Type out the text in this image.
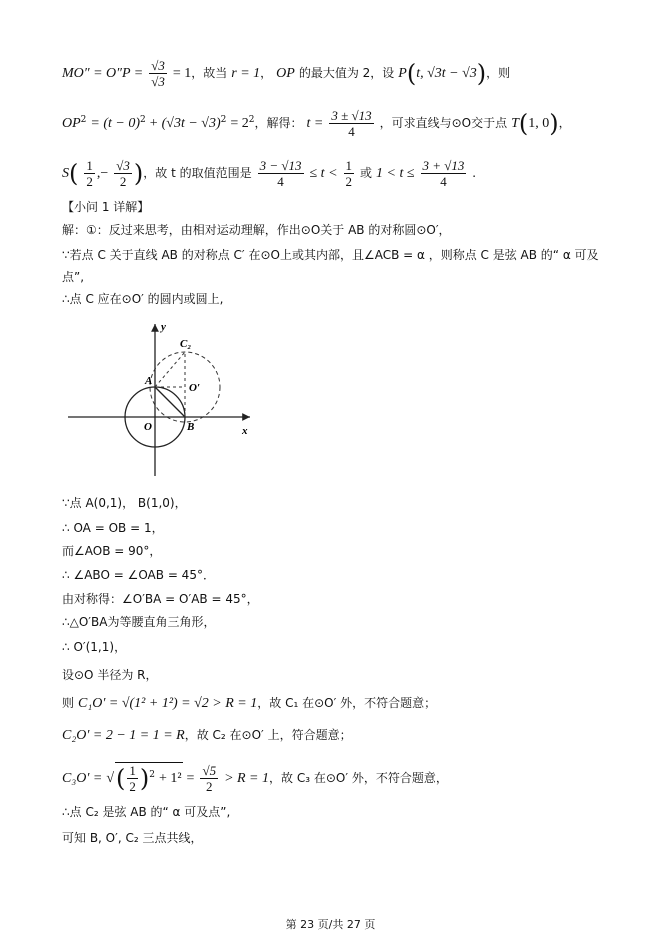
$MO'' = O''P = \frac{√3}{√3} = 1$，故当 r = 1， OP 的最大值为 2，设 P(t, √3t − √3)，则
$OP^2 = (t - 0)^2 + (√3t - √3)^2 = 2^2$，解得： $t = \frac{3 \pm √13}{4}$ ，可求直线与⊙O交于点 T(1, 0)，
$S( \frac{1}{2}$ ,− $\frac{√3}{2}$ )，故 t 的取值范围是 $\frac{3 - √13}{4} \le t < \frac{1}{2}$ 或 $1 < t \le \frac{3 + √13}{4}$ .
【小问 1 详解】
解：①：反过来思考，由相对运动理解，作出⊙O关于 AB 的对称圆⊙O′，
∵若点 C 关于直线 AB 的对称点 C′ 在⊙O上或其内部，且∠ACB = α ，则称点 C 是弦 AB 的“ α 可及
点”,
∴点 C 应在⊙O′ 的圆内或圆上,
y
x
O
A
B
O′
C₂
∵点 A(0,1)， B(1,0)，
∴ OA = OB = 1，
而∠AOB = 90°，
∴ ∠ABO = ∠OAB = 45°．
由对称得：∠O′BA = O′AB = 45°，
∴△O′BA为等腰直角三角形，
∴ O′(1,1)，
设⊙O 半径为 R，
则 C₁O′ = √(1² + 1²) = √2 > R = 1，故 C₁ 在⊙O′ 外，不符合题意；
C₂O′ = 2 − 1 = 1 = R，故 C₂ 在⊙O′ 上，符合题意；
C₃O′ = √( $\frac{1}{2} )^2 + 1^2 = \frac{√5}{2} > R = 1$，故 C₃ 在⊙O′ 外，不符合题意，
∴点 C₂ 是弦 AB 的“ α 可及点”,
可知 B, O′, C₂ 三点共线，
第 23 页/共 27 页
